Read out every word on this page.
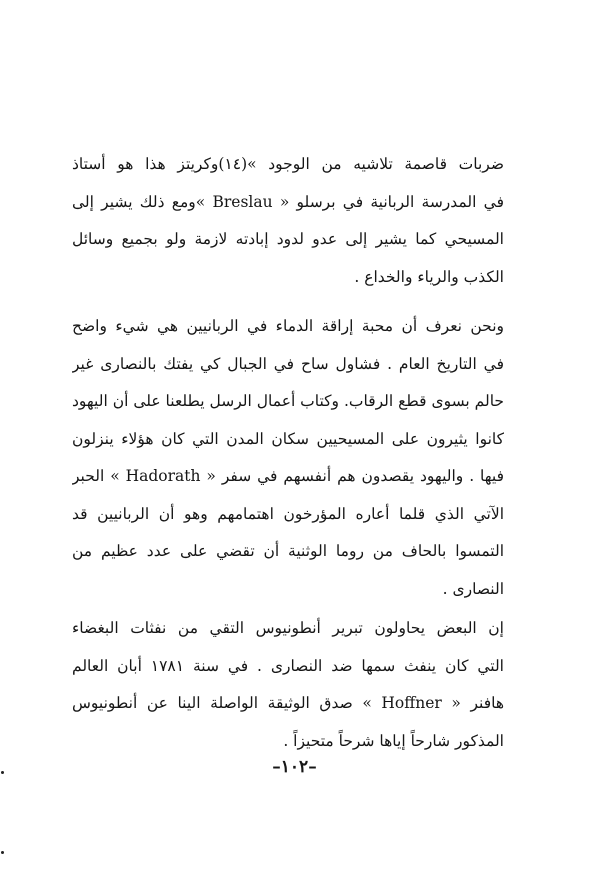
ضربات قاصمة تلاشيه من الوجود »(١٤)وكريتز هذا هو أستاذ
في المدرسة الربانية في برسلو « Breslau »ومع ذلك يشير إلى
المسيحي كما يشير إلى عدو لدود إبادته لازمة ولو بجميع وسائل
الكذب والرياء والخداع .
ونحن نعرف أن محبة إراقة الدماء في الربانيين هي شيء واضح
في التاريخ العام . فشاول ساح في الجبال كي يفتك بالنصارى غير
حالم بسوى قطع الرقاب. وكتاب أعمال الرسل يطلعنا على أن اليهود
كانوا يثيرون على المسيحيين سكان المدن التي كان هؤلاء ينزلون
فيها . واليهود يقصدون هم أنفسهم في سفر « Hadorath » الحبر
الآتي الذي قلما أعاره المؤرخون اهتمامهم وهو أن الربانيين قد
التمسوا بالحاف من روما الوثنية أن تقضي على عدد عظيم من
النصارى .
إن البعض يحاولون تبرير أنطونيوس التقي من نفثات البغضاء
التي كان ينفث سمها ضد النصارى . في سنة ١٧٨١ أبان العالم
هافنر « Hoffner » صدق الوثيقة الواصلة الينا عن أنطونيوس
المذكور شارحاً إياها شرحاً متحيزاً .
–١٠٢–
